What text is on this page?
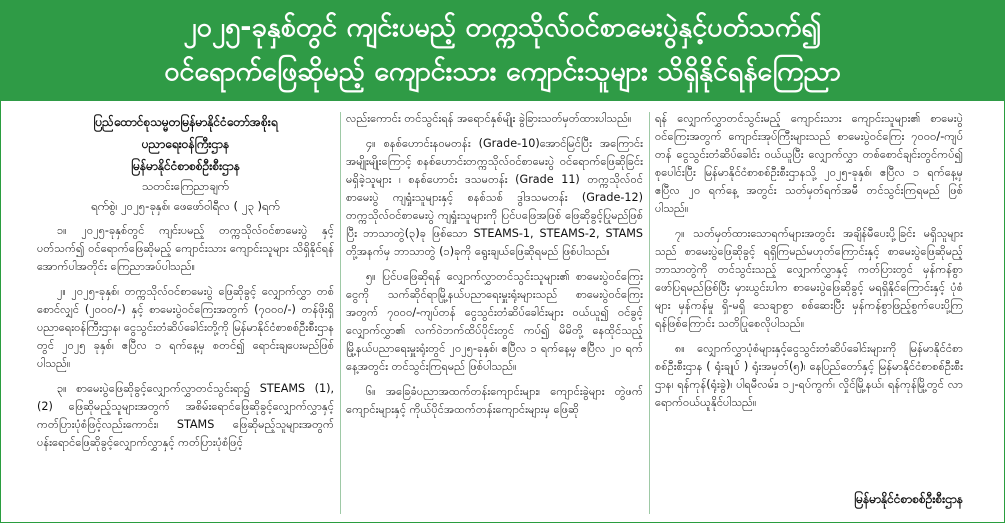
၂၀၂၅-ခုနှစ်တွင် ကျင်းပမည့် တက္ကသိုလ်ဝင်စာမေးပွဲနှင့်ပတ်သက်၍
ဝင်ရောက်ဖြေဆိုမည့် ကျောင်းသား ကျောင်းသူများ သိရှိနိုင်ရန်ကြေညာ
ပြည်ထောင်စုသမ္မတမြန်မာနိုင်ငံတော်အစိုးရ
ပညာရေးဝန်ကြီးဌာန
မြန်မာနိုင်ငံစာစစ်ဦးစီးဌာန
သတင်းကြေညာချက်
ရက်စွဲ၊ ၂၀၂၅-ခုနှစ်၊ ဖေဖော်ဝါရီလ ( ၂၃ )ရက်

၁။ ၂၀၂၅-ခုနှစ်တွင် ကျင်းပမည့် တက္ကသိုလ်ဝင်စာမေးပွဲ နှင့် ပတ်သက်၍ ဝင်ရောက်ဖြေဆိုမည့် ကျောင်းသား ကျောင်းသူများ သိရှိနိုင်ရန် အောက်ပါအတိုင်း ကြေညာအပ်ပါသည်။

၂။ ၂၀၂၅-ခုနှစ်၊ တက္ကသိုလ်ဝင်စာမေးပွဲ ဖြေဆိုခွင့် လျှောက်လွှာ တစ်စောင်လျှင် (၂၀၀၀/-) နှင့် စာမေးပွဲဝင်ကြေးအတွက် (၇၀၀၀/-) တန်ဖိုးရှိ ပညာရေးဝန်ကြီးဌာန၊ ငွေသွင်းတံဆိပ်ခေါင်းတို့ကို မြန်မာနိုင်ငံစာစစ်ဦးစီးဌာနတွင် ၂၀၂၅ ခုနှစ်၊ ဧပြီလ ၁ ရက်နေ့မှ စတင်၍ ရောင်းချပေးမည်ဖြစ်ပါသည်။

၃။ စာမေးပွဲဖြေဆိုခွင့်လျှောက်လွှာတင်သွင်းရာ၌ STEAMS (1), (2) ဖြေဆိုမည့်သူများအတွက် အစိမ်းရောင်ဖြေဆိုခွင့်လျှောက်လွှာနှင့် ကတ်ပြားပုံစံဖြင့်လည်းကောင်း၊ STAMS ဖြေဆိုမည့်သူများအတွက် ပန်းရောင်ဖြေဆိုခွင့်လျှောက်လွှာနှင့် ကတ်ပြားပုံစံဖြင့်

လည်းကောင်း တင်သွင်းရန် အရောင်နှစ်မျိုး ခွဲခြားသတ်မှတ်ထားပါသည်။

၄။ စနစ်ဟောင်းနဝမတန်း (Grade-10)အောင်မြင်ပြီး အကြောင်းအမျိုးမျိုးကြောင့် စနစ်ဟောင်းတက္ကသိုလ်ဝင်စာမေးပွဲ ဝင်ရောက်ဖြေဆိုခြင်းမရှိခဲ့သူများ ၊ စနစ်ဟောင်း ဒသမတန်း (Grade 11) တက္ကသိုလ်ဝင်စာမေးပွဲ ကျရှုံးသူများနှင့် စနစ်သစ် ဒွါဒသမတန်း (Grade-12) တက္ကသိုလ်ဝင်စာမေးပွဲ ကျရှုံးသူများကို ပြင်ပဖြေအဖြစ် ဖြေဆိုခွင့်ပြုမည်ဖြစ်ပြီး ဘာသာတွဲ(၃)ခု ဖြစ်သော STEAMS-1, STEAMS-2, STAMS တို့အနက်မှ ဘာသာတွဲ (၁)ခုကို ရွေးချယ်ဖြေဆိုရမည် ဖြစ်ပါသည်။

၅။ ပြင်ပဖြေဆိုရန် လျှောက်လွှာတင်သွင်းသူများ၏ စာမေးပွဲဝင်ကြေးငွေကို သက်ဆိုင်ရာမြို့နယ်ပညာရေးမှူးရုံးများသည် စာမေးပွဲဝင်ကြေးအတွက် ၇၀၀၀/-ကျပ်တန် ငွေသွင်းတံဆိပ်ခေါင်းများ ဝယ်ယူ၍ ဝင်ခွင့်လျှောက်လွှာ၏ လက်ဝဲဘက်ထိပ်ပိုင်းတွင် ကပ်၍ မိမိတို့ နေထိုင်သည့် မြို့နယ်ပညာရေးမှူးရုံးတွင် ၂၀၂၅-ခုနှစ်၊ ဧပြီလ ၁ ရက်နေ့မှ ဧပြီလ ၂၀ ရက်နေ့အတွင်း တင်သွင်းကြရမည် ဖြစ်ပါသည်။

၆။ အခြေခံပညာအထက်တန်းကျောင်းများ၊ ကျောင်းခွဲများ တွဲဖက်ကျောင်းများနှင့် ကိုယ်ပိုင်အထက်တန်းကျောင်းများမှ ဖြေဆို

ရန် လျှောက်လွှာတင်သွင်းမည့် ကျောင်းသား ကျောင်းသူများ၏ စာမေးပွဲဝင်ကြေးအတွက် ကျောင်းအုပ်ကြီးများသည် စာမေးပွဲဝင်ကြေး ၇၀၀၀/-ကျပ်တန် ငွေသွင်းတံဆိပ်ခေါင်း ဝယ်ယူပြီး လျှောက်လွှာ တစ်စောင်ချင်းတွင်ကပ်၍ စုပေါင်းပြီး မြန်မာနိုင်ငံစာစစ်ဦးစီးဌာနသို့ ၂၀၂၅-ခုနှစ်၊ ဧပြီလ ၁ ရက်နေ့မှ ဧပြီလ ၂၀ ရက်နေ့ အတွင်း သတ်မှတ်ရက်အမီ တင်သွင်းကြရမည် ဖြစ်ပါသည်။

၇။ သတ်မှတ်ထားသောရက်များအတွင်း အချိန်မီပေးပို့ခြင်း မရှိသူများသည် စာမေးပွဲဖြေဆိုခွင့် ရရှိကြမည်မဟုတ်ကြောင်းနှင့် စာမေးပွဲဖြေဆိုမည့်ဘာသာတွဲကို တင်သွင်းသည့် လျှောက်လွှာနှင့် ကတ်ပြားတွင် မှန်ကန်စွာ ဖော်ပြရမည်ဖြစ်ပြီး မှားယွင်းပါက စာမေးပွဲဖြေဆိုခွင့် မရရှိနိုင်ကြောင်းနှင့် ပုံစံများ မှန်ကန်မှု ရှိ-မရှိ သေချာစွာ စစ်ဆေးပြီး မှန်ကန်စွာဖြည့်စွက်ပေးပို့ကြရန်ဖြစ်ကြောင်း သတိပြုစေလိုပါသည်။

၈။ လျှောက်လွှာပုံစံများနှင့်ငွေသွင်းတံဆိပ်ခေါင်းများကို မြန်မာနိုင်ငံစာစစ်ဦးစီးဌာန ( ရုံးချုပ် ) ရုံးအမှတ်(၅)၊ နေပြည်တော်နှင့် မြန်မာနိုင်ငံစာစစ်ဦးစီးဌာန၊ ရန်ကုန်(ရုံးခွဲ)၊ ပါရမီလမ်း၊ ၁၂-ရပ်ကွက်၊ လှိုင်မြို့နယ်၊ ရန်ကုန်မြို့တွင် လာရောက်ဝယ်ယူနိုင်ပါသည်။

မြန်မာနိုင်ငံစာစစ်ဦးစီးဌာန
